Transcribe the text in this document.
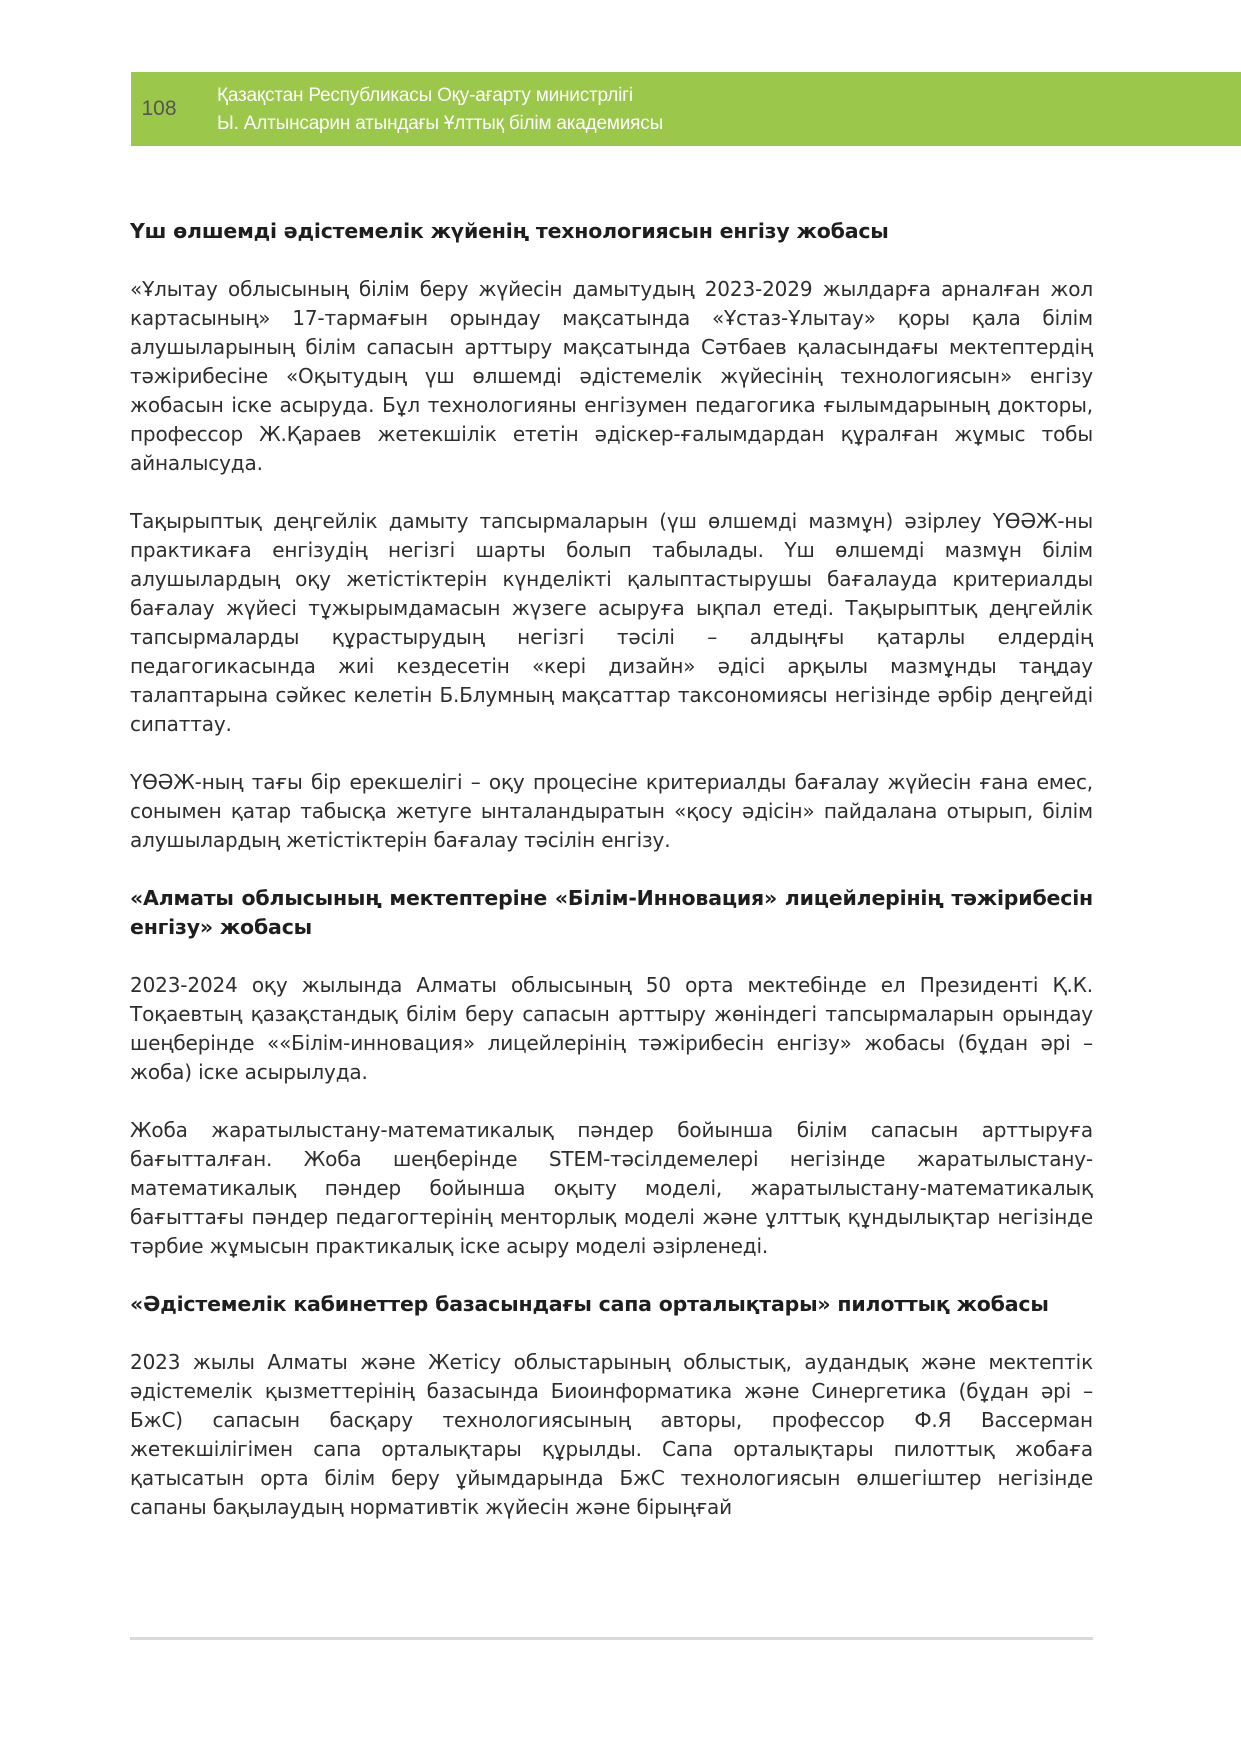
108
Қазақстан Республикасы Оқу-ағарту министрлігі
Ы. Алтынсарин атындағы Ұлттық білім академиясы
Үш өлшемді әдістемелік жүйенің технологиясын енгізу жобасы

«Ұлытау облысының білім беру жүйесін дамытудың 2023-2029 жылдарға арналған жол картасының» 17-тармағын орындау мақсатында «Ұстаз-Ұлытау» қоры қала білім алушыларының білім сапасын арттыру мақсатында Сәтбаев қаласындағы мектептердің тәжірибесіне «Оқытудың үш өлшемді әдістемелік жүйесінің технологиясын» енгізу жобасын іске асыруда. Бұл технологияны енгізумен педагогика ғылымдарының докторы, профессор Ж.Қараев жетекшілік ететін әдіскер-ғалымдардан құралған жұмыс тобы айналысуда.

Тақырыптық деңгейлік дамыту тапсырмаларын (үш өлшемді мазмұн) әзірлеу ҮӨӘЖ-ны практикаға енгізудің негізгі шарты болып табылады. Үш өлшемді мазмұн білім алушылардың оқу жетістіктерін күнделікті қалыптастырушы бағалауда критериалды бағалау жүйесі тұжырымдамасын жүзеге асыруға ықпал етеді. Тақырыптық деңгейлік тапсырмаларды құрастырудың негізгі тәсілі – алдыңғы қатарлы елдердің педагогикасында жиі кездесетін «кері дизайн» әдісі арқылы мазмұнды таңдау талаптарына сәйкес келетін Б.Блумның мақсаттар таксономиясы негізінде әрбір деңгейді сипаттау.

ҮӨӘЖ-ның тағы бір ерекшелігі – оқу процесіне критериалды бағалау жүйесін ғана емес, сонымен қатар табысқа жетуге ынталандыратын «қосу әдісін» пайдалана отырып, білім алушылардың жетістіктерін бағалау тәсілін енгізу.

«Алматы облысының мектептеріне «Білім-Инновация» лицейлерінің тәжірибесін енгізу» жобасы

2023-2024 оқу жылында Алматы облысының 50 орта мектебінде ел Президенті Қ.К. Тоқаевтың қазақстандық білім беру сапасын арттыру жөніндегі тапсырмаларын орындау шеңберінде ««Білім-инновация» лицейлерінің тәжірибесін енгізу» жобасы (бұдан әрі – жоба) іске асырылуда.

Жоба жаратылыстану-математикалық пәндер бойынша білім сапасын арттыруға бағытталған. Жоба шеңберінде STEM-тәсілдемелері негізінде жаратылыстану-математикалық пәндер бойынша оқыту моделі, жаратылыстану-математикалық бағыттағы пәндер педагогтерінің менторлық моделі және ұлттық құндылықтар негізінде тәрбие жұмысын практикалық іске асыру моделі әзірленеді.

«Әдістемелік кабинеттер базасындағы сапа орталықтары» пилоттық жобасы

2023 жылы Алматы және Жетісу облыстарының облыстық, аудандық және мектептік әдістемелік қызметтерінің базасында Биоинформатика және Синергетика (бұдан әрі – БжС) сапасын басқару технологиясының авторы, профессор Ф.Я Вассерман жетекшілігімен сапа орталықтары құрылды. Сапа орталықтары пилоттық жобаға қатысатын орта білім беру ұйымдарында БжС технологиясын өлшегіштер негізінде сапаны бақылаудың нормативтік жүйесін және бірыңғай
